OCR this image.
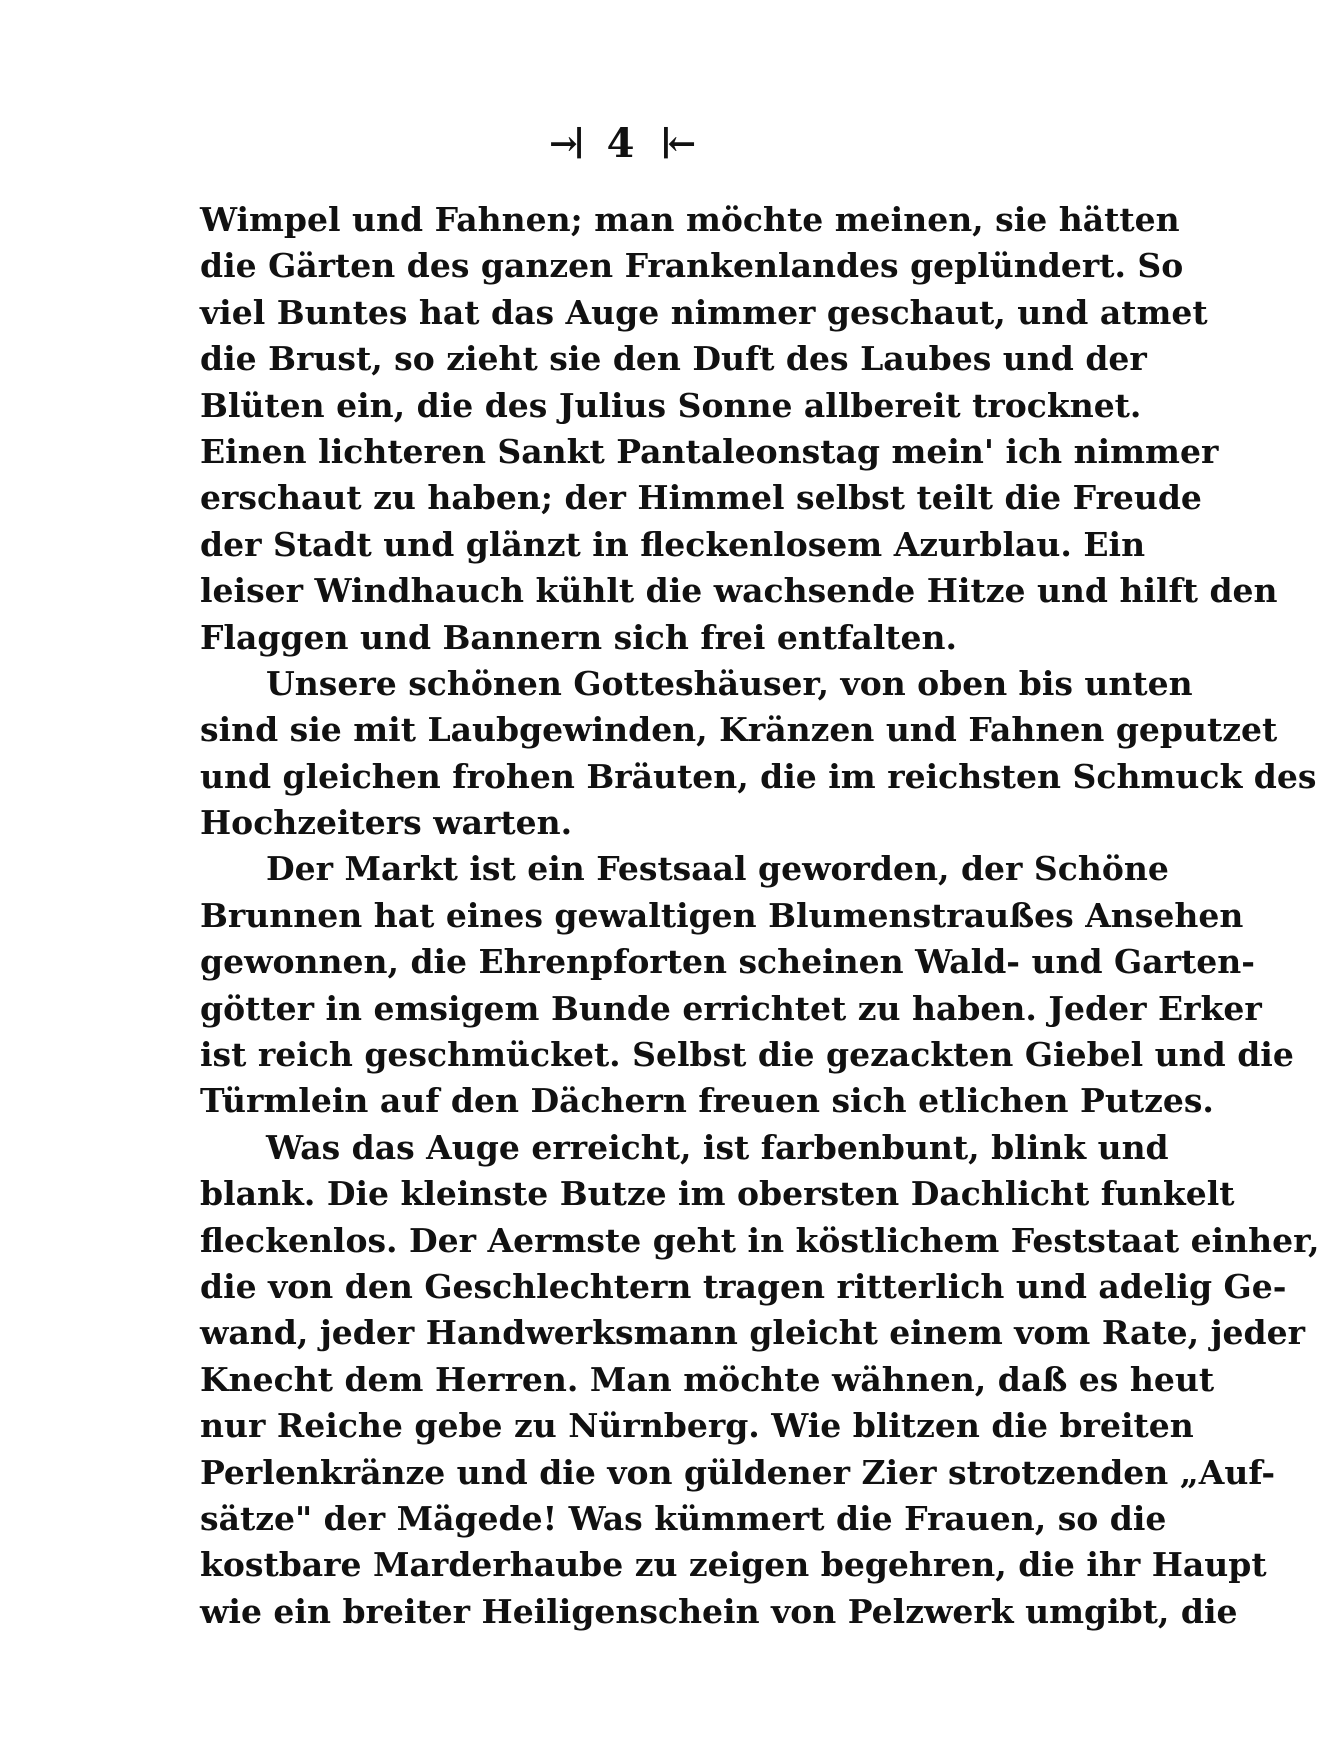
→∣ 4 ∣←
Wimpel und Fahnen; man möchte meinen, sie hätten
die Gärten des ganzen Frankenlandes geplündert. So
viel Buntes hat das Auge nimmer geschaut, und atmet
die Brust, so zieht sie den Duft des Laubes und der
Blüten ein, die des Julius Sonne allbereit trocknet.
Einen lichteren Sankt Pantaleonstag mein' ich nimmer
erschaut zu haben; der Himmel selbst teilt die Freude
der Stadt und glänzt in fleckenlosem Azurblau. Ein
leiser Windhauch kühlt die wachsende Hitze und hilft den
Flaggen und Bannern sich frei entfalten.
Unsere schönen Gotteshäuser, von oben bis unten
sind sie mit Laubgewinden, Kränzen und Fahnen geputzet
und gleichen frohen Bräuten, die im reichsten Schmuck des
Hochzeiters warten.
Der Markt ist ein Festsaal geworden, der Schöne
Brunnen hat eines gewaltigen Blumenstraußes Ansehen
gewonnen, die Ehrenpforten scheinen Wald- und Garten-
götter in emsigem Bunde errichtet zu haben. Jeder Erker
ist reich geschmücket. Selbst die gezackten Giebel und die
Türmlein auf den Dächern freuen sich etlichen Putzes.
Was das Auge erreicht, ist farbenbunt, blink und
blank. Die kleinste Butze im obersten Dachlicht funkelt
fleckenlos. Der Aermste geht in köstlichem Feststaat einher,
die von den Geschlechtern tragen ritterlich und adelig Ge-
wand, jeder Handwerksmann gleicht einem vom Rate, jeder
Knecht dem Herren. Man möchte wähnen, daß es heut
nur Reiche gebe zu Nürnberg. Wie blitzen die breiten
Perlenkränze und die von güldener Zier strotzenden „Auf-
sätze" der Mägede! Was kümmert die Frauen, so die
kostbare Marderhaube zu zeigen begehren, die ihr Haupt
wie ein breiter Heiligenschein von Pelzwerk umgibt, die
